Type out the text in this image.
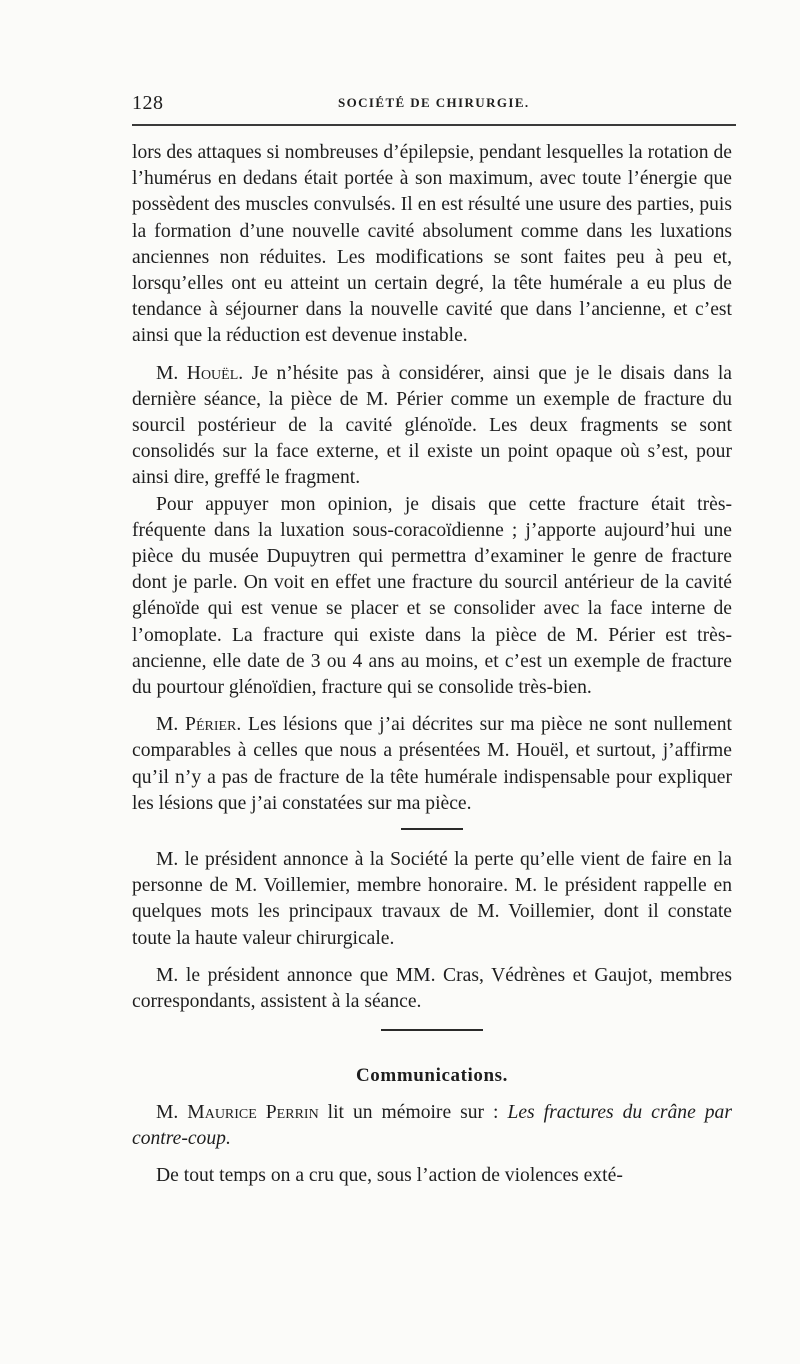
128	SOCIÉTÉ DE CHIRURGIE.

lors des attaques si nombreuses d’épilepsie, pendant lesquelles la rotation de l’humérus en dedans était portée à son maximum, avec toute l’énergie que possèdent des muscles convulsés. Il en est résulté une usure des parties, puis la formation d’une nouvelle cavité absolument comme dans les luxations anciennes non réduites. Les modifications se sont faites peu à peu et, lorsqu’elles ont eu atteint un certain degré, la tête humérale a eu plus de tendance à séjourner dans la nouvelle cavité que dans l’ancienne, et c’est ainsi que la réduction est devenue instable.

M. Houël. Je n’hésite pas à considérer, ainsi que je le disais dans la dernière séance, la pièce de M. Périer comme un exemple de fracture du sourcil postérieur de la cavité glénoïde. Les deux fragments se sont consolidés sur la face externe, et il existe un point opaque où s’est, pour ainsi dire, greffé le fragment.

Pour appuyer mon opinion, je disais que cette fracture était très-fréquente dans la luxation sous-coracoïdienne ; j’apporte aujourd’hui une pièce du musée Dupuytren qui permettra d’examiner le genre de fracture dont je parle. On voit en effet une fracture du sourcil antérieur de la cavité glénoïde qui est venue se placer et se consolider avec la face interne de l’omoplate. La fracture qui existe dans la pièce de M. Périer est très-ancienne, elle date de 3 ou 4 ans au moins, et c’est un exemple de fracture du pourtour glénoïdien, fracture qui se consolide très-bien.

M. Périer. Les lésions que j’ai décrites sur ma pièce ne sont nullement comparables à celles que nous a présentées M. Houël, et surtout, j’affirme qu’il n’y a pas de fracture de la tête humérale indispensable pour expliquer les lésions que j’ai constatées sur ma pièce.

M. le président annonce à la Société la perte qu’elle vient de faire en la personne de M. Voillemier, membre honoraire. M. le président rappelle en quelques mots les principaux travaux de M. Voillemier, dont il constate toute la haute valeur chirurgicale.

M. le président annonce que MM. Cras, Védrènes et Gaujot, membres correspondants, assistent à la séance.

Communications.

M. Maurice Perrin lit un mémoire sur : Les fractures du crâne par contre-coup.

De tout temps on a cru que, sous l’action de violences exté-
